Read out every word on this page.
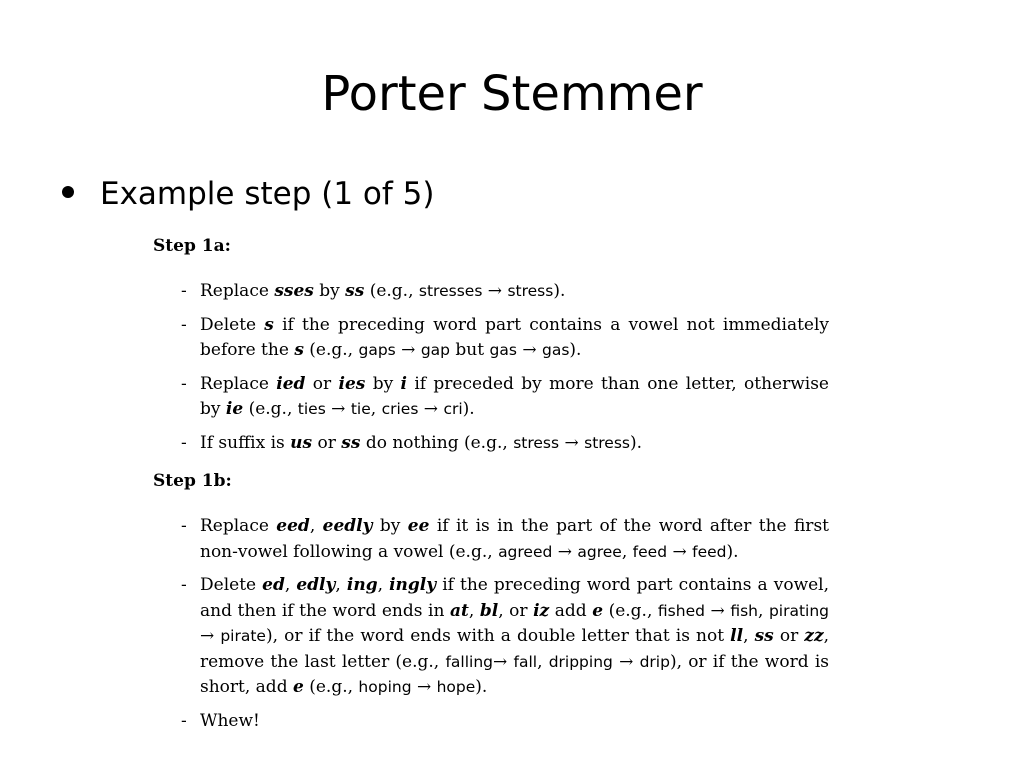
Porter Stemmer
Example step (1 of 5)
Step 1a:
- Replace sses by ss (e.g., stresses → stress).
- Delete s if the preceding word part contains a vowel not immediately before the s (e.g., gaps → gap but gas → gas).
- Replace ied or ies by i if preceded by more than one letter, otherwise by ie (e.g., ties → tie, cries → cri).
- If suffix is us or ss do nothing (e.g., stress → stress).
Step 1b:
- Replace eed, eedly by ee if it is in the part of the word after the first non-vowel following a vowel (e.g., agreed → agree, feed → feed).
- Delete ed, edly, ing, ingly if the preceding word part contains a vowel, and then if the word ends in at, bl, or iz add e (e.g., fished → fish, pirating → pirate), or if the word ends with a double letter that is not ll, ss or zz, remove the last letter (e.g., falling→ fall, dripping → drip), or if the word is short, add e (e.g., hoping → hope).
- Whew!
